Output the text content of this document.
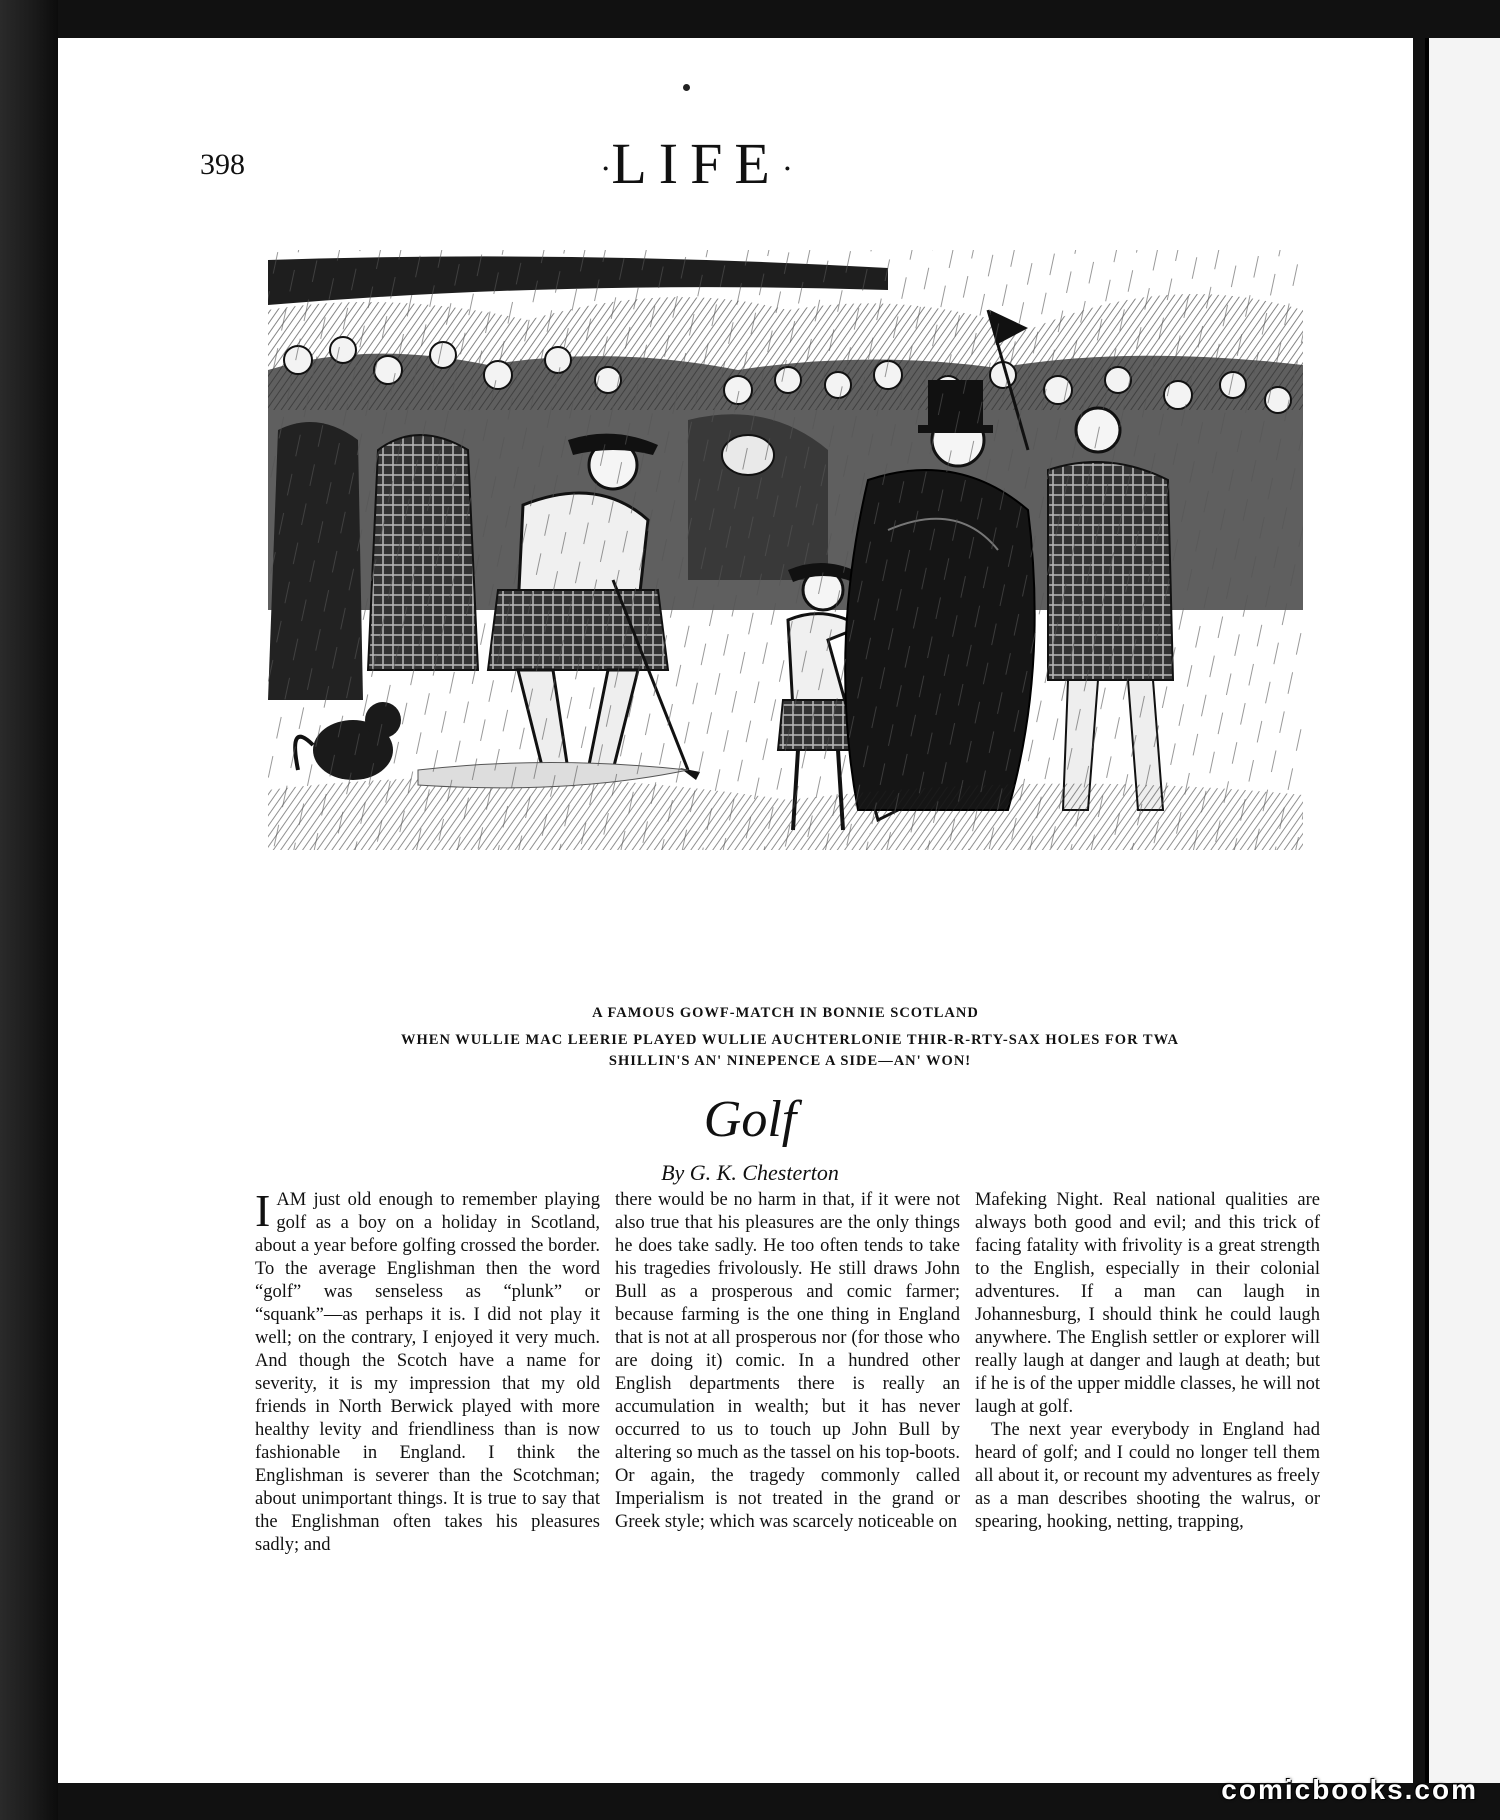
398	·LIFE·
A FAMOUS GOWF-MATCH IN BONNIE SCOTLAND
WHEN WULLIE MAC LEERIE PLAYED WULLIE AUCHTERLONIE THIR-R-RTY-SAX HOLES FOR TWA SHILLIN'S AN' NINEPENCE A SIDE—AN' WON!
Golf
By G. K. Chesterton

IAM just old enough to remember playing golf as a boy on a holiday in Scotland, about a year before golfing crossed the border. To the average Englishman then the word “golf” was senseless as “plunk” or “squank”—as perhaps it is. I did not play it well; on the contrary, I enjoyed it very much. And though the Scotch have a name for severity, it is my impression that my old friends in North Berwick played with more healthy levity and friendliness than is now fashionable in England. I think the Englishman is severer than the Scotchman; about unimportant things. It is true to say that the Englishman often takes his pleasures sadly; and

there would be no harm in that, if it were not also true that his pleasures are the only things he does take sadly. He too often tends to take his tragedies frivolously. He still draws John Bull as a prosperous and comic farmer; because farming is the one thing in England that is not at all prosperous nor (for those who are doing it) comic. In a hundred other English departments there is really an accumulation in wealth; but it has never occurred to us to touch up John Bull by altering so much as the tassel on his top-boots. Or again, the tragedy commonly called Imperialism is not treated in the grand or Greek style; which was scarcely noticeable on

Mafeking Night. Real national qualities are always both good and evil; and this trick of facing fatality with frivolity is a great strength to the English, especially in their colonial adventures. If a man can laugh in Johannesburg, I should think he could laugh anywhere. The English settler or explorer will really laugh at danger and laugh at death; but if he is of the upper middle classes, he will not laugh at golf.

The next year everybody in England had heard of golf; and I could no longer tell them all about it, or recount my adventures as freely as a man describes shooting the walrus, or spearing, hooking, netting, trapping,

comicbooks.com
